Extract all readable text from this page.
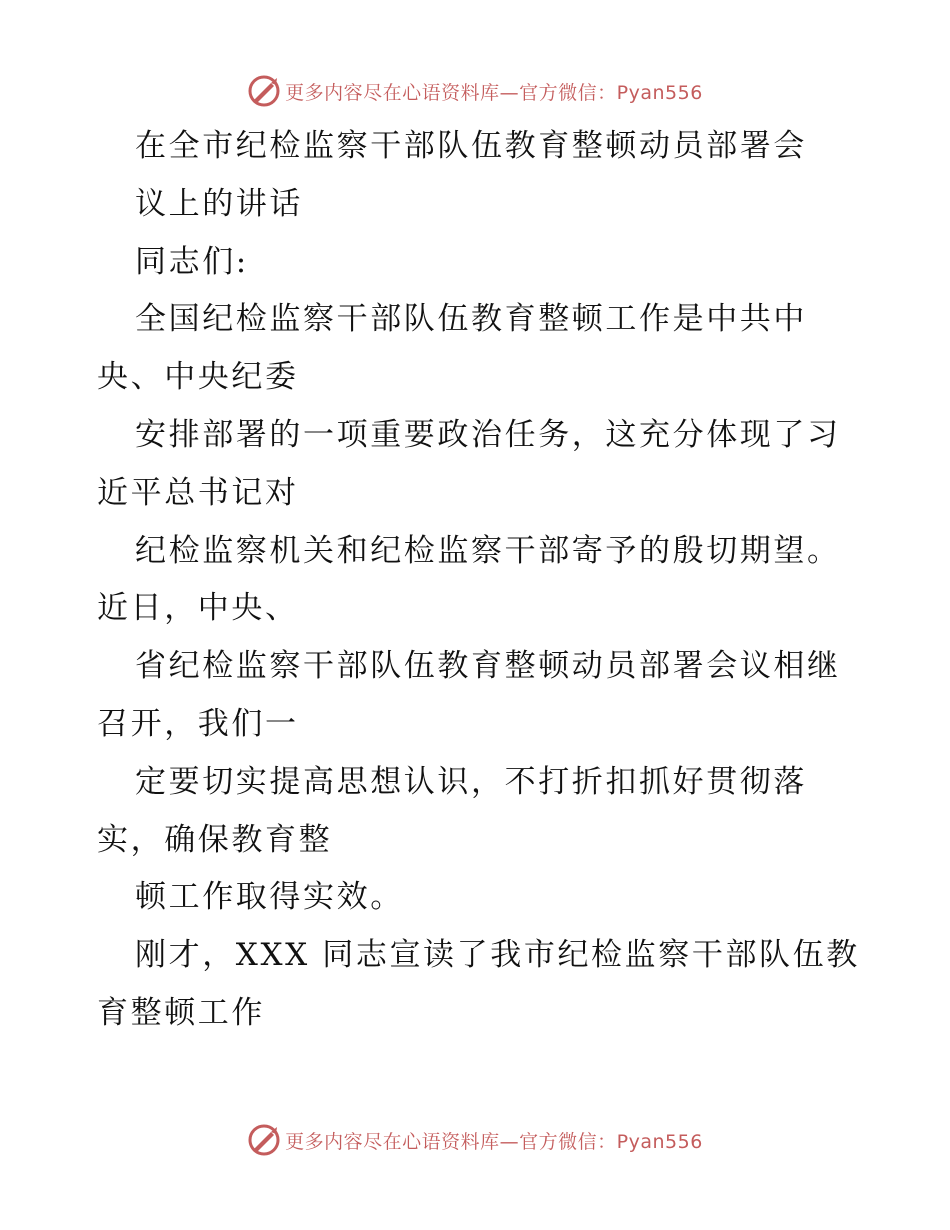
更多内容尽在心语资料库—官方微信：Pyan556
在全市纪检监察干部队伍教育整顿动员部署会
议上的讲话
同志们:
全国纪检监察干部队伍教育整顿工作是中共中
央、中央纪委
安排部署的一项重要政治任务，这充分体现了习
近平总书记对
纪检监察机关和纪检监察干部寄予的殷切期望。
近日，中央、
省纪检监察干部队伍教育整顿动员部署会议相继
召开，我们一
定要切实提高思想认识，不打折扣抓好贯彻落
实，确保教育整
顿工作取得实效。
刚才，XXX 同志宣读了我市纪检监察干部队伍教
育整顿工作
更多内容尽在心语资料库—官方微信：Pyan556
